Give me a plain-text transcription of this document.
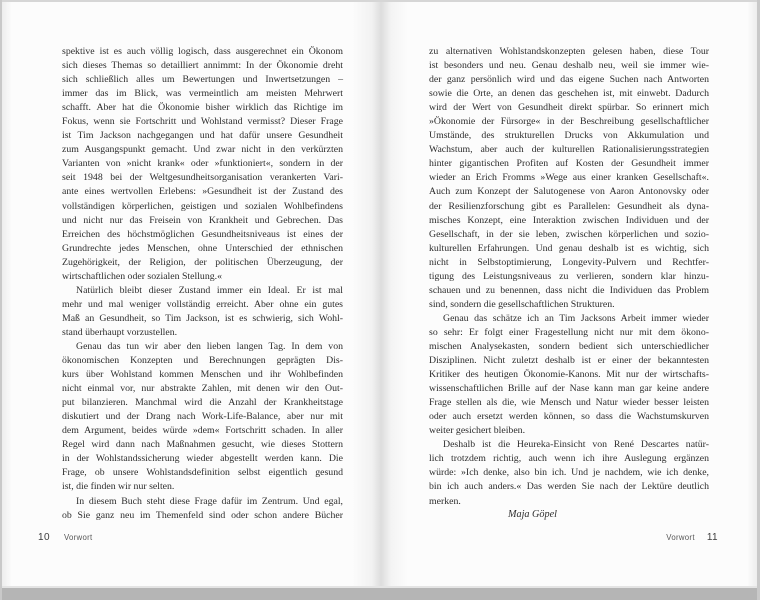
spektive ist es auch völlig logisch, dass ausgerechnet ein Ökonom
sich dieses Themas so detailliert annimmt: In der Ökonomie dreht
sich schließlich alles um Bewertungen und Inwertsetzungen –
immer das im Blick, was vermeintlich am meisten Mehrwert
schafft. Aber hat die Ökonomie bisher wirklich das Richtige im
Fokus, wenn sie Fortschritt und Wohlstand vermisst? Dieser Frage
ist Tim Jackson nachgegangen und hat dafür unsere Gesundheit
zum Ausgangspunkt gemacht. Und zwar nicht in den verkürzten
Varianten von »nicht krank« oder »funktioniert«, sondern in der
seit 1948 bei der Weltgesundheitsorganisation verankerten Vari-
ante eines wertvollen Erlebens: »Gesundheit ist der Zustand des
vollständigen körperlichen, geistigen und sozialen Wohlbefindens
und nicht nur das Freisein von Krankheit und Gebrechen. Das
Erreichen des höchstmöglichen Gesundheitsniveaus ist eines der
Grundrechte jedes Menschen, ohne Unterschied der ethnischen
Zugehörigkeit, der Religion, der politischen Überzeugung, der
wirtschaftlichen oder sozialen Stellung.«
Natürlich bleibt dieser Zustand immer ein Ideal. Er ist mal
mehr und mal weniger vollständig erreicht. Aber ohne ein gutes
Maß an Gesundheit, so Tim Jackson, ist es schwierig, sich Wohl-
stand überhaupt vorzustellen.
Genau das tun wir aber den lieben langen Tag. In dem von
ökonomischen Konzepten und Berechnungen geprägten Dis-
kurs über Wohlstand kommen Menschen und ihr Wohlbefinden
nicht einmal vor, nur abstrakte Zahlen, mit denen wir den Out-
put bilanzieren. Manchmal wird die Anzahl der Krankheitstage
diskutiert und der Drang nach Work-Life-Balance, aber nur mit
dem Argument, beides würde »dem« Fortschritt schaden. In aller
Regel wird dann nach Maßnahmen gesucht, wie dieses Stottern
in der Wohlstandssicherung wieder abgestellt werden kann. Die
Frage, ob unsere Wohlstandsdefinition selbst eigentlich gesund
ist, die finden wir nur selten.
In diesem Buch steht diese Frage dafür im Zentrum. Und egal,
ob Sie ganz neu im Themenfeld sind oder schon andere Bücher
10 Vorwort
zu alternativen Wohlstandskonzepten gelesen haben, diese Tour
ist besonders und neu. Genau deshalb neu, weil sie immer wie-
der ganz persönlich wird und das eigene Suchen nach Antworten
sowie die Orte, an denen das geschehen ist, mit einwebt. Dadurch
wird der Wert von Gesundheit direkt spürbar. So erinnert mich
»Ökonomie der Fürsorge« in der Beschreibung gesellschaftlicher
Umstände, des strukturellen Drucks von Akkumulation und
Wachstum, aber auch der kulturellen Rationalisierungsstrategien
hinter gigantischen Profiten auf Kosten der Gesundheit immer
wieder an Erich Fromms »Wege aus einer kranken Gesellschaft«.
Auch zum Konzept der Salutogenese von Aaron Antonovsky oder
der Resilienzforschung gibt es Parallelen: Gesundheit als dyna-
misches Konzept, eine Interaktion zwischen Individuen und der
Gesellschaft, in der sie leben, zwischen körperlichen und sozio-
kulturellen Erfahrungen. Und genau deshalb ist es wichtig, sich
nicht in Selbstoptimierung, Longevity-Pulvern und Rechtfer-
tigung des Leistungsniveaus zu verlieren, sondern klar hinzu-
schauen und zu benennen, dass nicht die Individuen das Problem
sind, sondern die gesellschaftlichen Strukturen.
Genau das schätze ich an Tim Jacksons Arbeit immer wieder
so sehr: Er folgt einer Fragestellung nicht nur mit dem ökono-
mischen Analysekasten, sondern bedient sich unterschiedlicher
Disziplinen. Nicht zuletzt deshalb ist er einer der bekanntesten
Kritiker des heutigen Ökonomie-Kanons. Mit nur der wirtschafts-
wissenschaftlichen Brille auf der Nase kann man gar keine andere
Frage stellen als die, wie Mensch und Natur wieder besser leisten
oder auch ersetzt werden können, so dass die Wachstumskurven
weiter gesichert bleiben.
Deshalb ist die Heureka-Einsicht von René Descartes natür-
lich trotzdem richtig, auch wenn ich ihre Auslegung ergänzen
würde: »Ich denke, also bin ich. Und je nachdem, wie ich denke,
bin ich auch anders.« Das werden Sie nach der Lektüre deutlich
merken.
Maja Göpel
Vorwort 11
